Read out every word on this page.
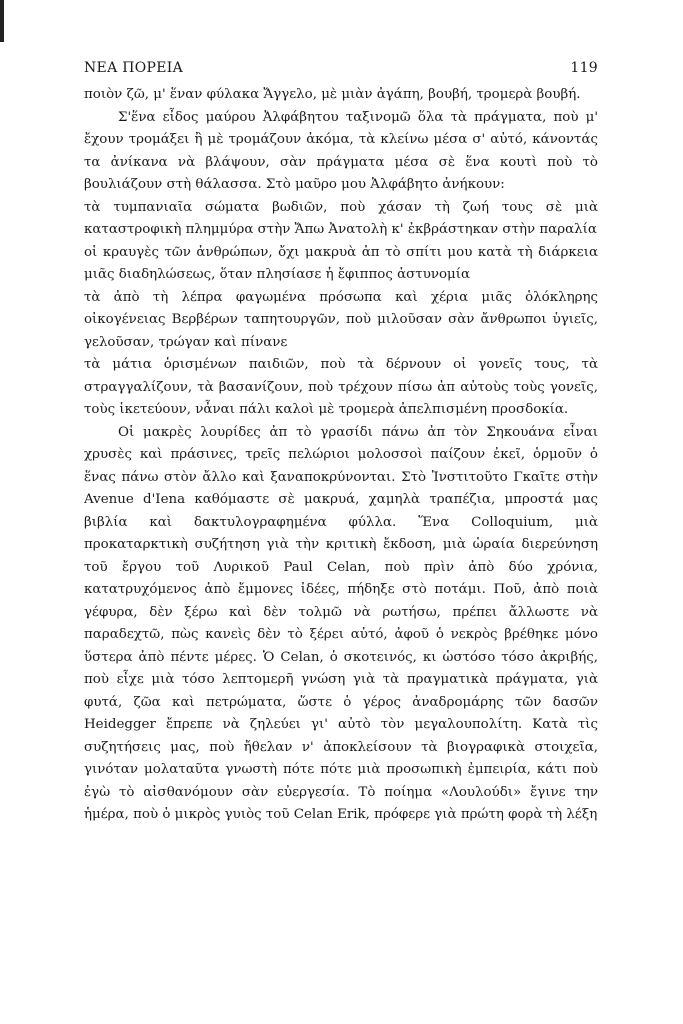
ΝΕΑ ΠΟΡΕΙΑ	119

ποιὸν ζῶ, μ' ἕναν φύλακα Ἄγγελο, μὲ μιὰν ἀγάπη, βουβή, τρομερὰ βουβή.

Σ'ἕνα εἶδος μαύρου Ἀλφάβητου ταξινομῶ ὅλα τὰ πράγματα, ποὺ μ' ἔχουν τρομάξει ἢ μὲ τρομάζουν ἀκόμα, τὰ κλείνω μέσα σ' αὐτό, κάνοντάς τα ἀνίκανα νὰ βλάψουν, σὰν πράγματα μέσα σὲ ἕνα κουτὶ ποὺ τὸ βουλιάζουν στὴ θάλασσα. Στὸ μαῦρο μου Ἀλφάβητο ἀνήκουν:

τὰ τυμπανιαῖα σώματα βωδιῶν, ποὺ χάσαν τὴ ζωή τους σὲ μιὰ καταστροφικὴ πλημμύρα στὴν Ἄπω Ἀνατολὴ κ' ἐκβράστηκαν στὴν παραλία

οἱ κραυγὲς τῶν ἀνθρώπων, ὄχι μακρυὰ ἀπ τὸ σπίτι μου κατὰ τὴ διάρκεια μιᾶς διαδηλώσεως, ὅταν πλησίασε ἡ ἔφιππος ἀστυνομία

τὰ ἀπὸ τὴ λέπρα φαγωμένα πρόσωπα καὶ χέρια μιᾶς ὁλόκληρης οἰκογένειας Βερβέρων ταπητουργῶν, ποὺ μιλοῦσαν σὰν ἄνθρωποι ὑγιεῖς, γελοῦσαν, τρώγαν καὶ πίνανε

τὰ μάτια ὁρισμένων παιδιῶν, ποὺ τὰ δέρνουν οἱ γονεῖς τους, τὰ στραγγαλίζουν, τὰ βασανίζουν, ποὺ τρέχουν πίσω ἀπ αὐτοὺς τοὺς γονεῖς, τοὺς ἱκετεύουν, νἆναι πάλι καλοὶ μὲ τρομερὰ ἀπελπισμένη προσδοκία.

Οἱ μακρὲς λουρίδες ἀπ τὸ γρασίδι πάνω ἀπ τὸν Σηκουάνα εἶναι χρυσὲς καὶ πράσινες, τρεῖς πελώριοι μολοσσοὶ παίζουν ἐκεῖ, ὁρμοῦν ὁ ἕνας πάνω στὸν ἄλλο καὶ ξαναποκρύνονται. Στὸ Ἰνστιτοῦτο Γκαῖτε στὴν Avenue d'Iena καθόμαστε σὲ μακρυά, χαμηλὰ τραπέζια, μπροστά μας βιβλία καὶ δακτυλογραφημένα φύλλα. Ἕνα Colloquium, μιὰ προκαταρκτικὴ συζήτηση γιὰ τὴν κριτικὴ ἔκδοση, μιὰ ὡραία διερεύνηση τοῦ ἔργου τοῦ Λυρικοῦ Paul Celan, ποὺ πρὶν ἀπὸ δύο χρόνια, κατατρυχόμενος ἀπὸ ἔμμονες ἰδέες, πήδηξε στὸ ποτάμι. Ποῦ, ἀπὸ ποιὰ γέφυρα, δὲν ξέρω καὶ δὲν τολμῶ νὰ ρωτήσω, πρέπει ἄλλωστε νὰ παραδεχτῶ, πὼς κανεὶς δὲν τὸ ξέρει αὐτό, ἀφοῦ ὁ νεκρὸς βρέθηκε μόνο ὕστερα ἀπὸ πέντε μέρες. Ὁ Celan, ὁ σκοτεινός, κι ὡστόσο τόσο ἀκριβής, ποὺ εἶχε μιὰ τόσο λεπτομερῆ γνώση γιὰ τὰ πραγματικὰ πράγματα, γιὰ φυτά, ζῶα καὶ πετρώματα, ὥστε ὁ γέρος ἀναδρομάρης τῶν δασῶν Heidegger ἔπρεπε νὰ ζηλεύει γι' αὐτὸ τὸν μεγαλουπολίτη. Κατὰ τὶς συζητήσεις μας, ποὺ ἤθελαν ν' ἀποκλείσουν τὰ βιογραφικὰ στοιχεῖα, γινόταν μολαταῦτα γνωστὴ πότε πότε μιὰ προσωπικὴ ἐμπειρία, κάτι ποὺ ἐγὼ τὸ αἰσθανόμουν σὰν εὐεργεσία. Τὸ ποίημα «Λουλούδι» ἔγινε την ἡμέρα, ποὺ ὁ μικρὸς γυιὸς τοῦ Celan Erik, πρόφερε γιὰ πρώτη φορὰ τὴ λέξη
